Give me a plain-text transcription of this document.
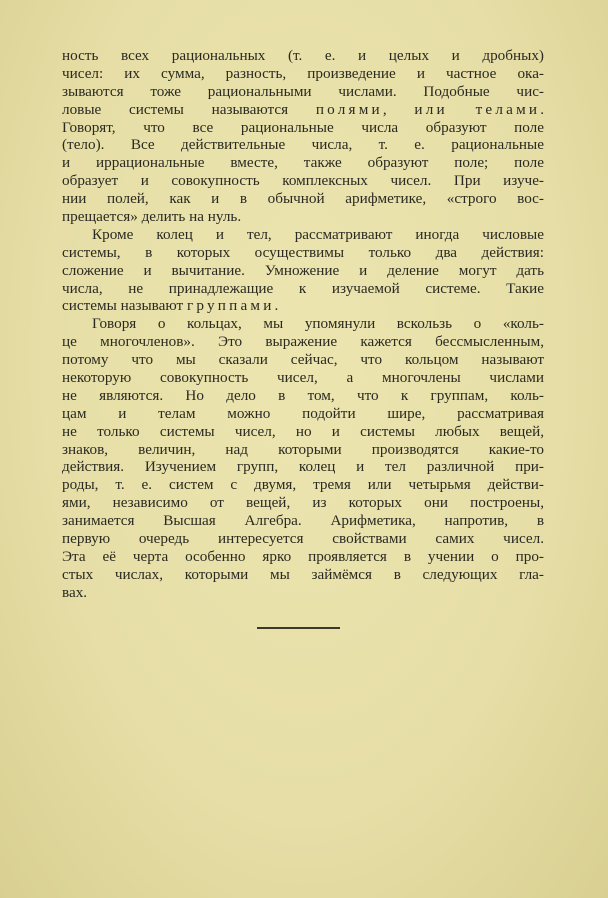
ность всех рациональных (т. е. и целых и дробных)
чисел: их сумма, разность, произведение и частное ока-
зываются тоже рациональными числами. Подобные чис-
ловые системы называются полями, или телами.
Говорят, что все рациональные числа образуют поле
(тело). Все действительные числа, т. е. рациональные
и иррациональные вместе, также образуют поле; поле
образует и совокупность комплексных чисел. При изуче-
нии полей, как и в обычной арифметике, «строго вос-
прещается» делить на нуль.
Кроме колец и тел, рассматривают иногда числовые
системы, в которых осуществимы только два действия:
сложение и вычитание. Умножение и деление могут дать
числа, не принадлежащие к изучаемой системе. Такие
системы называют группами.
Говоря о кольцах, мы упомянули вскользь о «коль-
це многочленов». Это выражение кажется бессмысленным,
потому что мы сказали сейчас, что кольцом называют
некоторую совокупность чисел, а многочлены числами
не являются. Но дело в том, что к группам, коль-
цам и телам можно подойти шире, рассматривая
не только системы чисел, но и системы любых вещей,
знаков, величин, над которыми производятся какие-то
действия. Изучением групп, колец и тел различной при-
роды, т. е. систем с двумя, тремя или четырьмя действи-
ями, независимо от вещей, из которых они построены,
занимается Высшая Алгебра. Арифметика, напротив, в
первую очередь интересуется свойствами самих чисел.
Эта её черта особенно ярко проявляется в учении о про-
стых числах, которыми мы займёмся в следующих гла-
вах.
